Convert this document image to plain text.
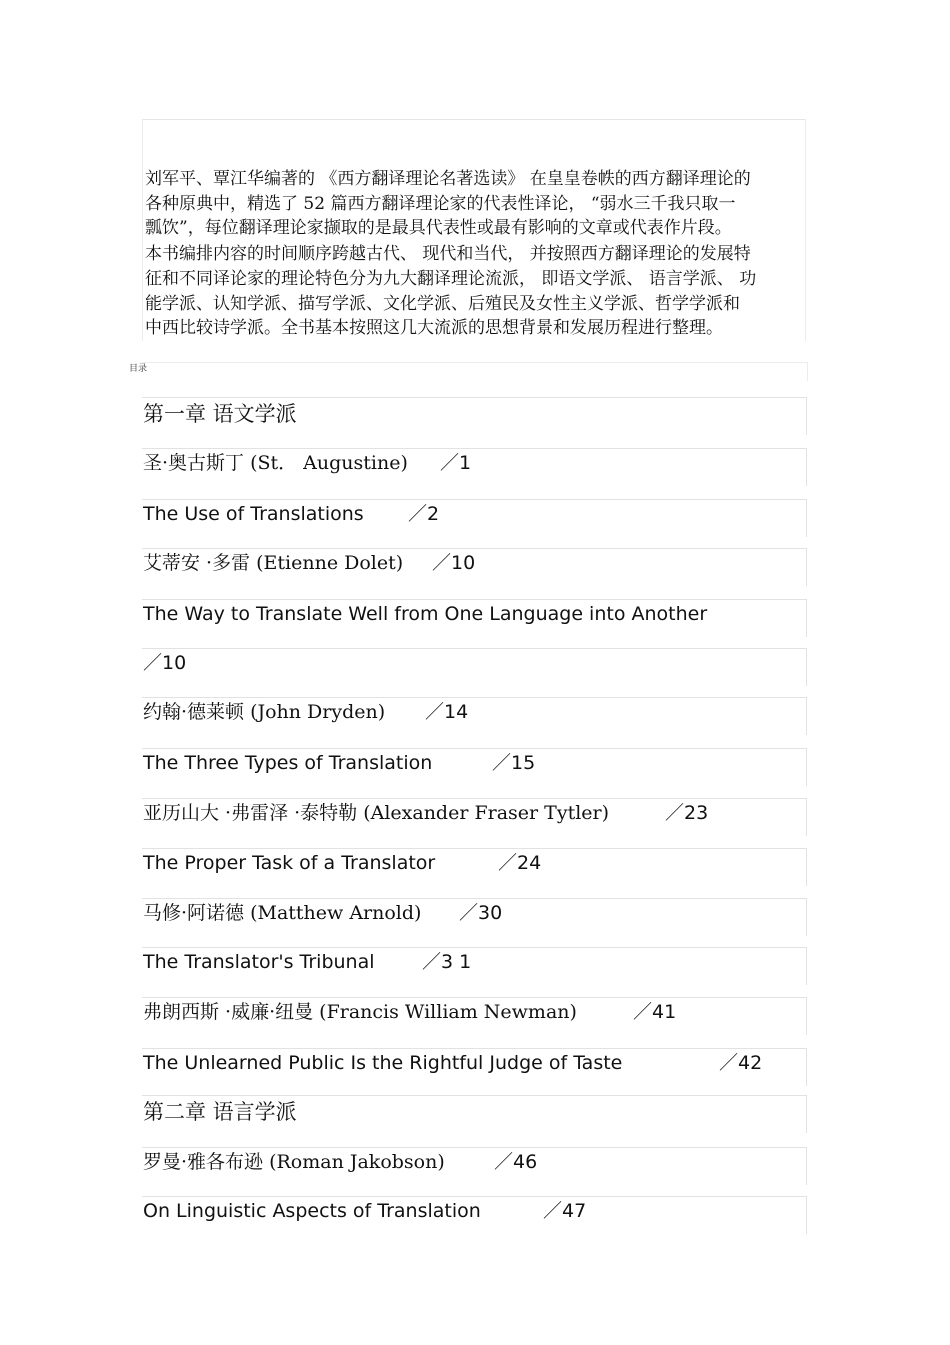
刘军平、覃江华编著的 《西方翻译理论名著选读》 在皇皇卷帙的西方翻译理论的
各种原典中，精选了 52 篇西方翻译理论家的代表性译论， “弱水三千我只取一
瓢饮”，每位翻译理论家撷取的是最具代表性或最有影响的文章或代表作片段。
本书编排内容的时间顺序跨越古代、 现代和当代， 并按照西方翻译理论的发展特
征和不同译论家的理论特色分为九大翻译理论流派， 即语文学派、 语言学派、 功
能学派、认知学派、描写学派、文化学派、后殖民及女性主义学派、哲学学派和
中西比较诗学派。全书基本按照这几大流派的思想背景和发展历程进行整理。
目录
第一章 语文学派
圣·奥古斯丁 (St． Augustine) ／1
The Use of Translations ／2
艾蒂安 ·多雷 (Etienne Dolet) ／10
The Way to Translate Well from One Language into Another
／10
约翰·德莱顿 (John Dryden) ／14
The Three Types of Translation	／15
亚历山大 ·弗雷泽 ·泰特勒 (Alexander Fraser Tytler)	／23
The Proper Task of a Translator	／24
马修·阿诺德 (Matthew Arnold) ／30
The Translator's Tribunal ／3 1
弗朗西斯 ·威廉·纽曼 (Francis William Newman)	／41
The Unlearned Public Is the Rightful Judge of Taste	／42
第二章 语言学派
罗曼·雅各布逊 (Roman Jakobson)	／46
On Linguistic Aspects of Translation	／47
